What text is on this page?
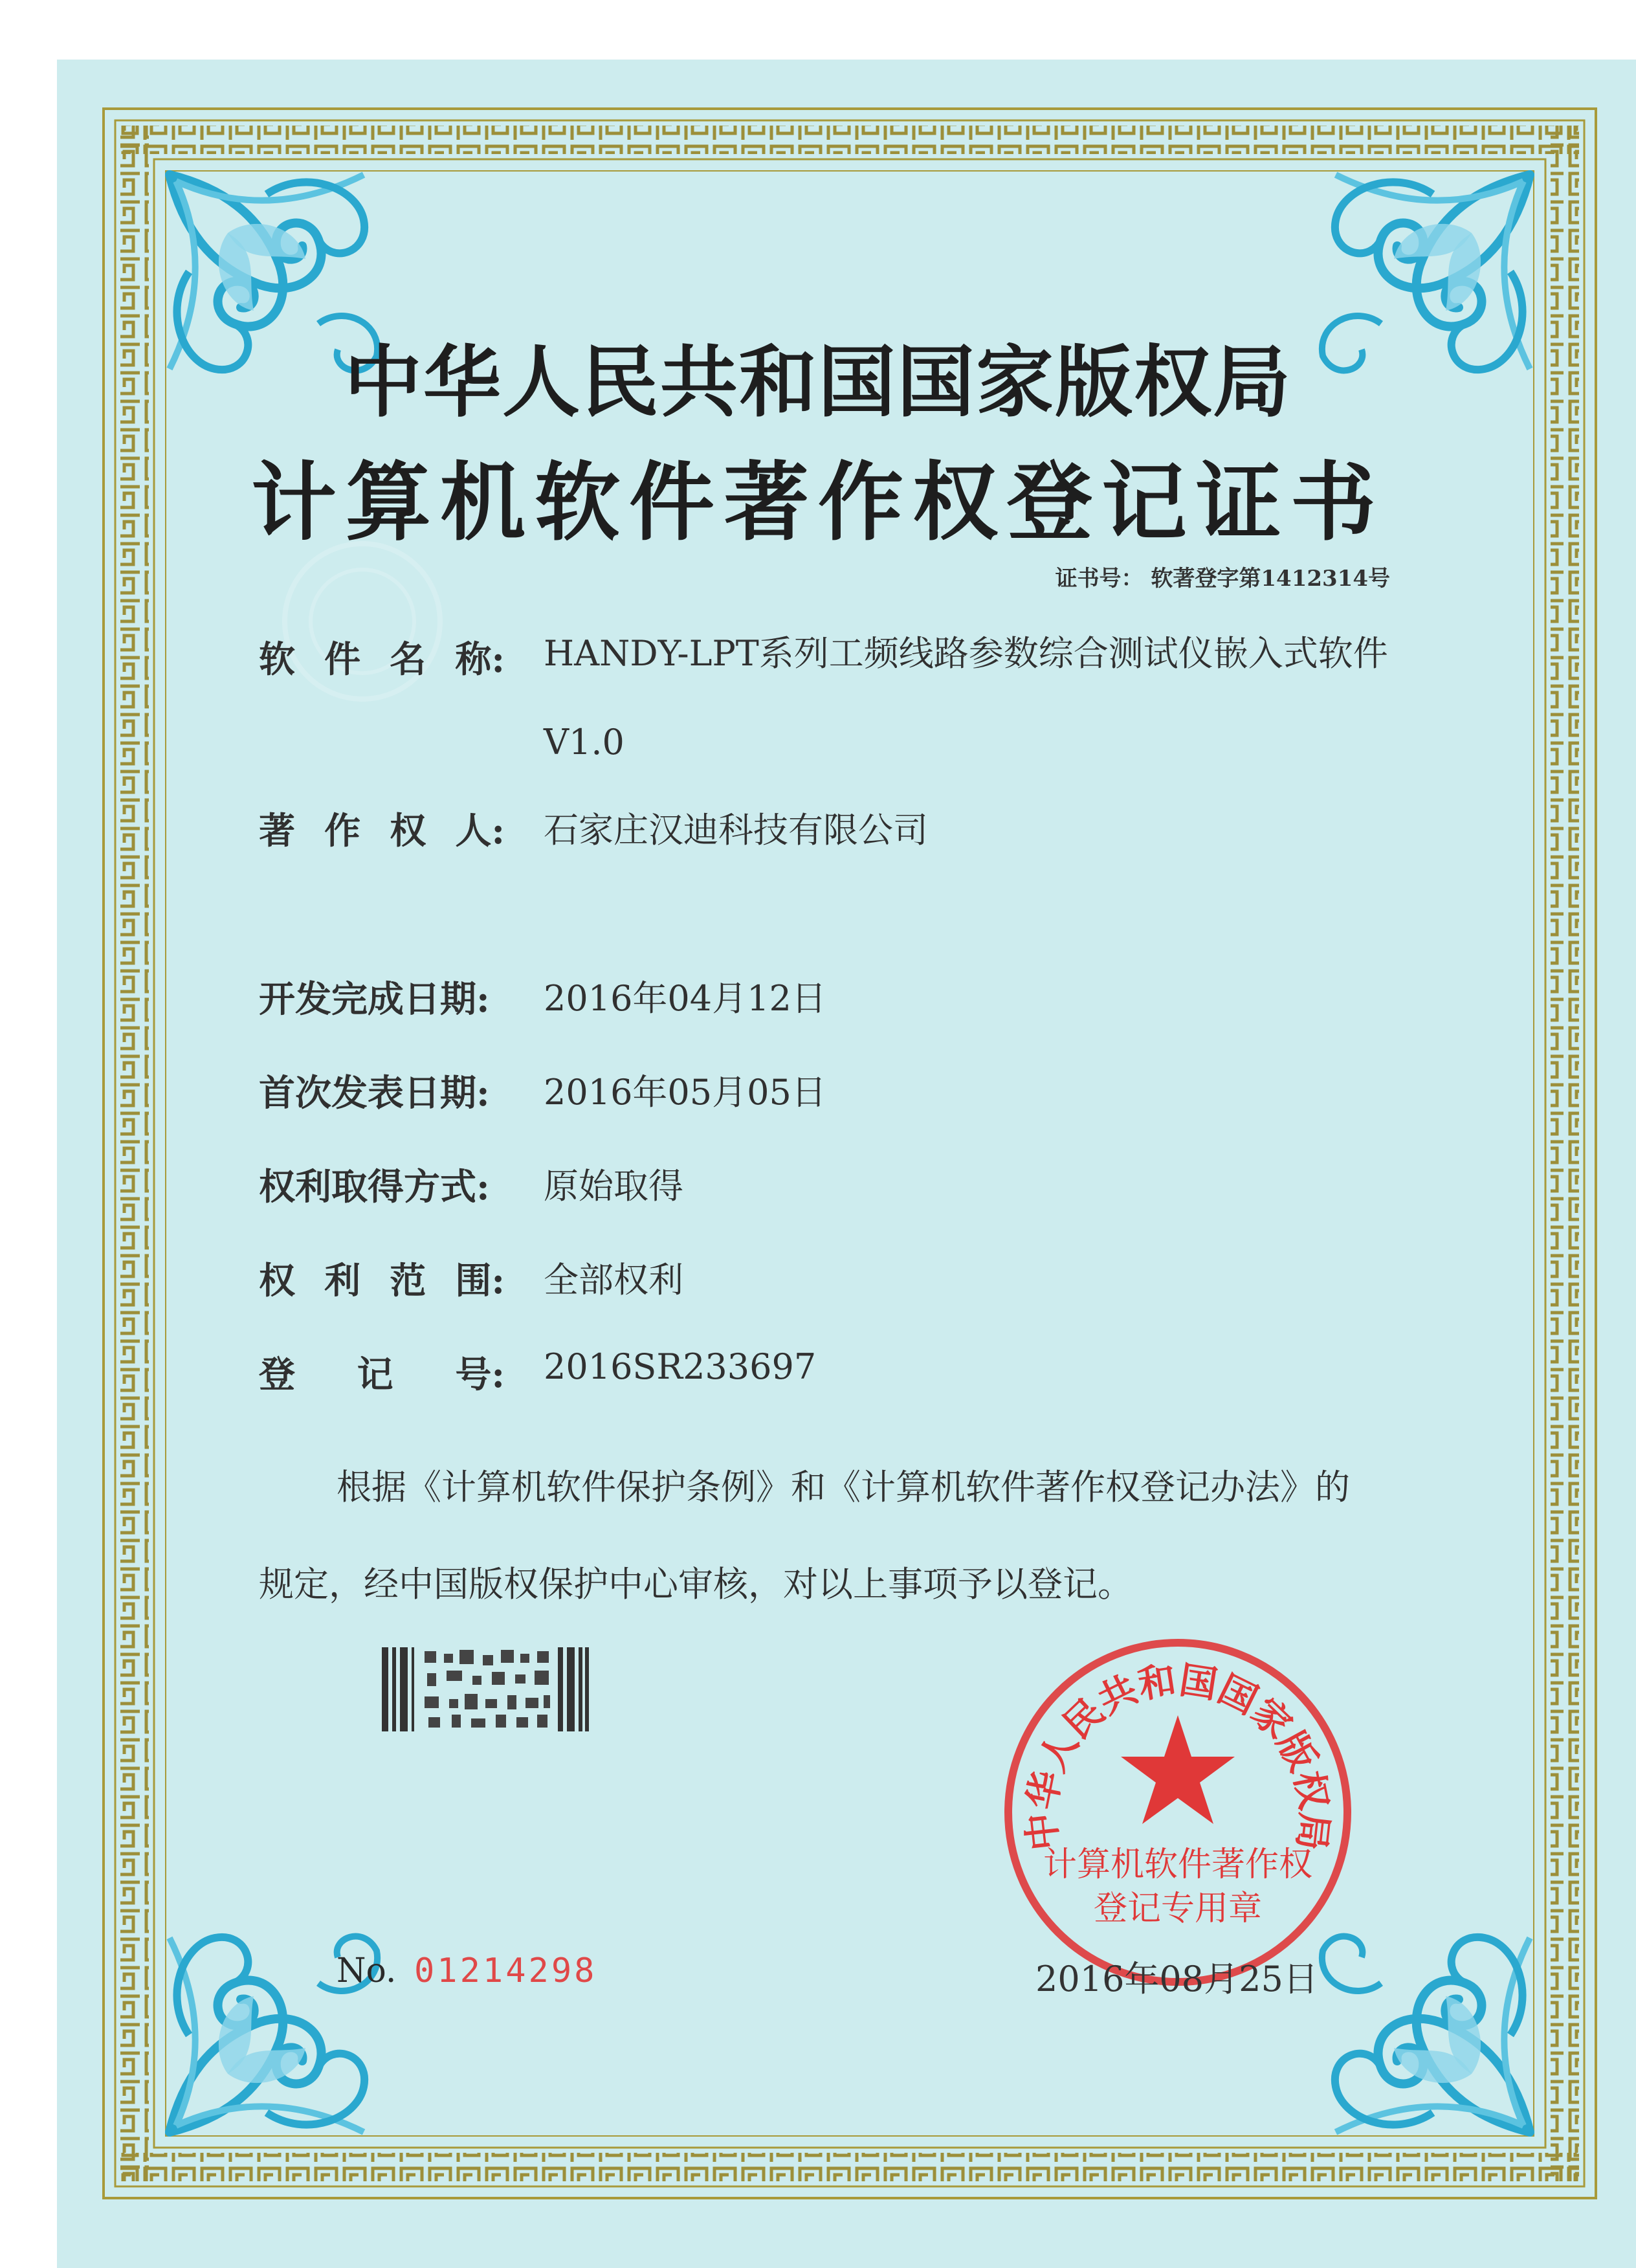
中华人民共和国国家版权局
计算机软件著作权登记证书
证书号： 软著登字第1412314号
软 件 名 称:
著 作 权 人:
开发完成日期:
首次发表日期:
权利取得方式:
权 利 范 围:
登 记 号:
HANDY-LPT系列工频线路参数综合测试仪嵌入式软件
V1.0
石家庄汉迪科技有限公司
2016年04月12日
2016年05月05日
原始取得
全部权利
2016SR233697
根据《计算机软件保护条例》和《计算机软件著作权登记办法》的
规定，经中国版权保护中心审核，对以上事项予以登记。
中华人民共和国国家版权局
计算机软件著作权
登记专用章
No. 01214298	2016年08月25日
